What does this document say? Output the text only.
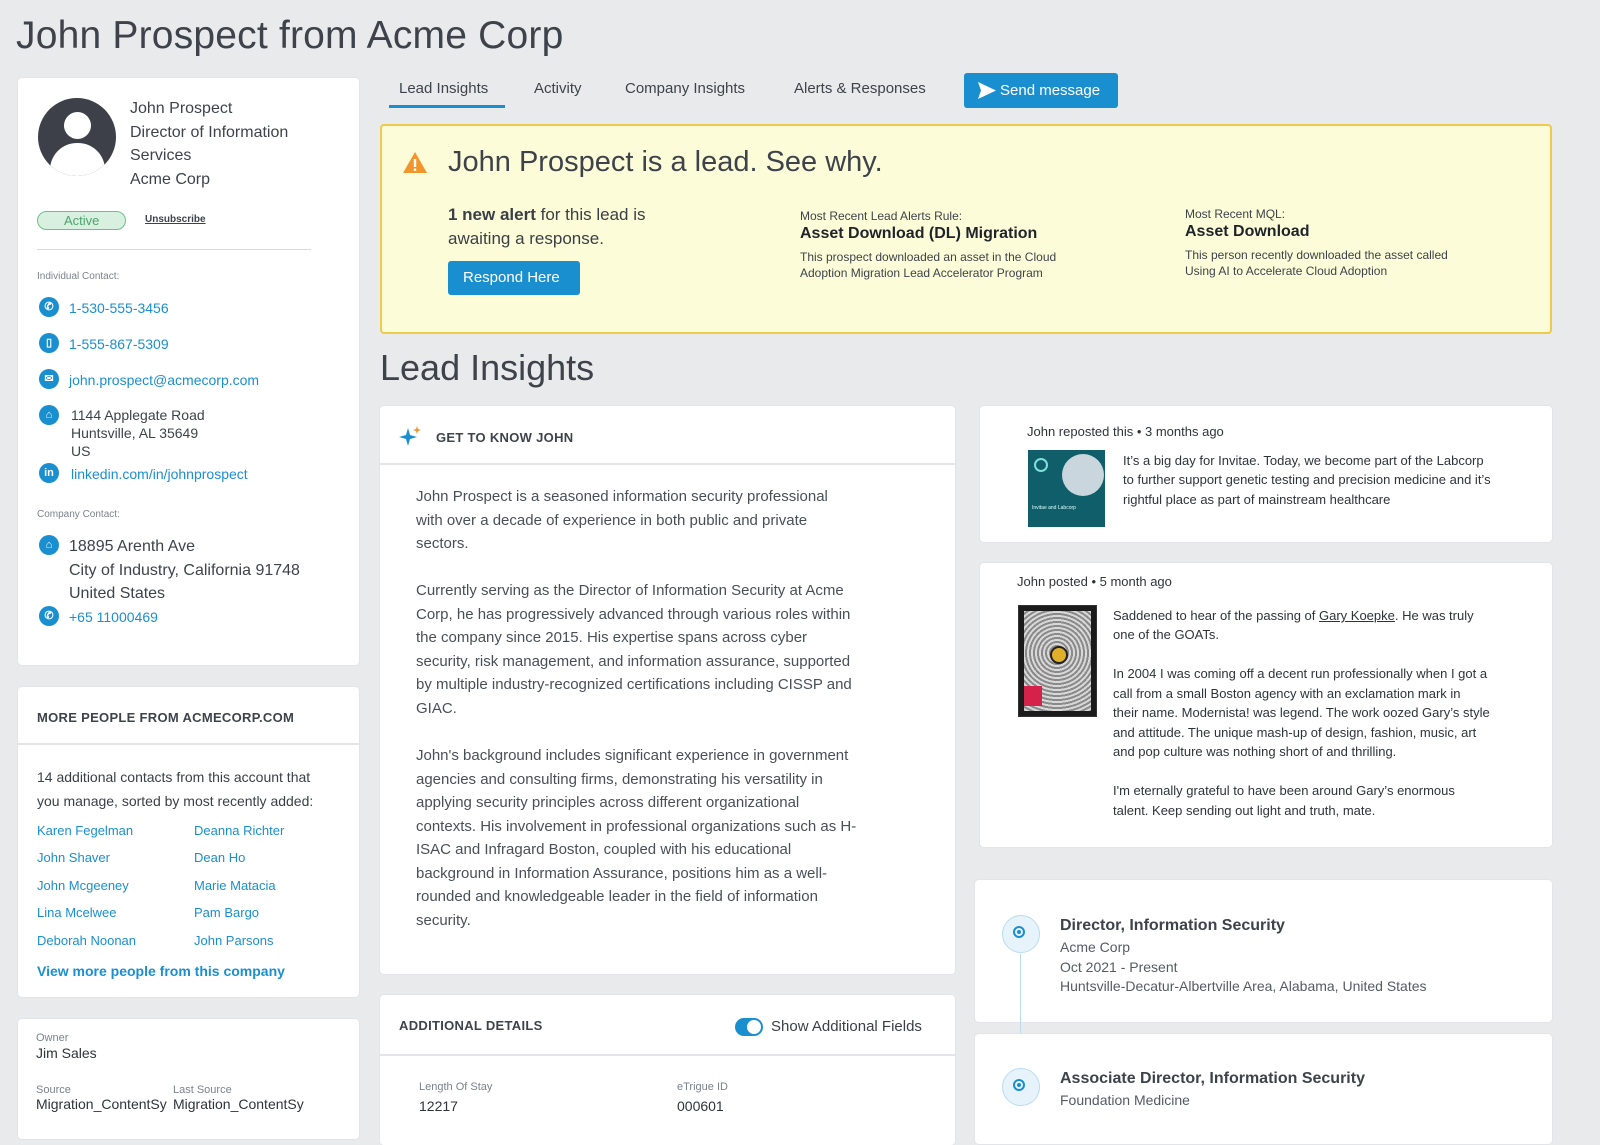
John Prospect from Acme Corp
John Prospect
Director of Information
Services
Acme Corp
Active	Unsubscribe
Individual Contact:
✆	1-530-555-3456
▯	1-555-867-5309
✉	john.prospect@acmecorp.com
⌂	1144 Applegate Road
Huntsville, AL 35649
US
in	linkedin.com/in/johnprospect
Company Contact:
⌂	18895 Arenth Ave
City of Industry, California 91748
United States
✆	+65 11000469
MORE PEOPLE FROM ACMECORP.COM
14 additional contacts from this account that
you manage, sorted by most recently added:
Karen Fegelman	Deanna Richter
John Shaver	Dean Ho
John Mcgeeney	Marie Matacia
Lina Mcelwee	Pam Bargo
Deborah Noonan	John Parsons
View more people from this company
Owner
Jim Sales
Source
Migration_ContentSy
Last Source
Migration_ContentSy
Lead Insights	Activity	Company Insights	Alerts & Responses	Send message
John Prospect is a lead. See why.
1 new alert for this lead is
awaiting a response.
Respond Here
Most Recent Lead Alerts Rule:
Asset Download (DL) Migration
This prospect downloaded an asset in the Cloud
Adoption Migration Lead Accelerator Program
Most Recent MQL:
Asset Download
This person recently downloaded the asset called
Using AI to Accelerate Cloud Adoption
Lead Insights
GET TO KNOW JOHN
John Prospect is a seasoned information security professional
with over a decade of experience in both public and private
sectors.
Currently serving as the Director of Information Security at Acme
Corp, he has progressively advanced through various roles within
the company since 2015. His expertise spans across cyber
security, risk management, and information assurance, supported
by multiple industry-recognized certifications including CISSP and
GIAC.
John's background includes significant experience in government
agencies and consulting firms, demonstrating his versatility in
applying security principles across different organizational
contexts. His involvement in professional organizations such as H-
ISAC and Infragard Boston, coupled with his educational
background in Information Assurance, positions him as a well-
rounded and knowledgeable leader in the field of information
security.
ADDITIONAL DETAILS	Show Additional Fields
Length Of Stay
12217
eTrigue ID
000601
John reposted this • 3 months ago
Invitae and Labcorp
It’s a big day for Invitae. Today, we become part of the Labcorp
to further support genetic testing and precision medicine and it’s
rightful place as part of mainstream healthcare
John posted • 5 month ago
Saddened to hear of the passing of Gary Koepke. He was truly
one of the GOATs.
In 2004 I was coming off a decent run professionally when I got a
call from a small Boston agency with an exclamation mark in
their name. Modernista! was legend. The work oozed Gary’s style
and attitude. The unique mash-up of design, fashion, music, art
and pop culture was nothing short of and thrilling.
I'm eternally grateful to have been around Gary’s enormous
talent. Keep sending out light and truth, mate.
Director, Information Security
Acme Corp
Oct 2021 - Present
Huntsville-Decatur-Albertville Area, Alabama, United States
Associate Director, Information Security
Foundation Medicine
